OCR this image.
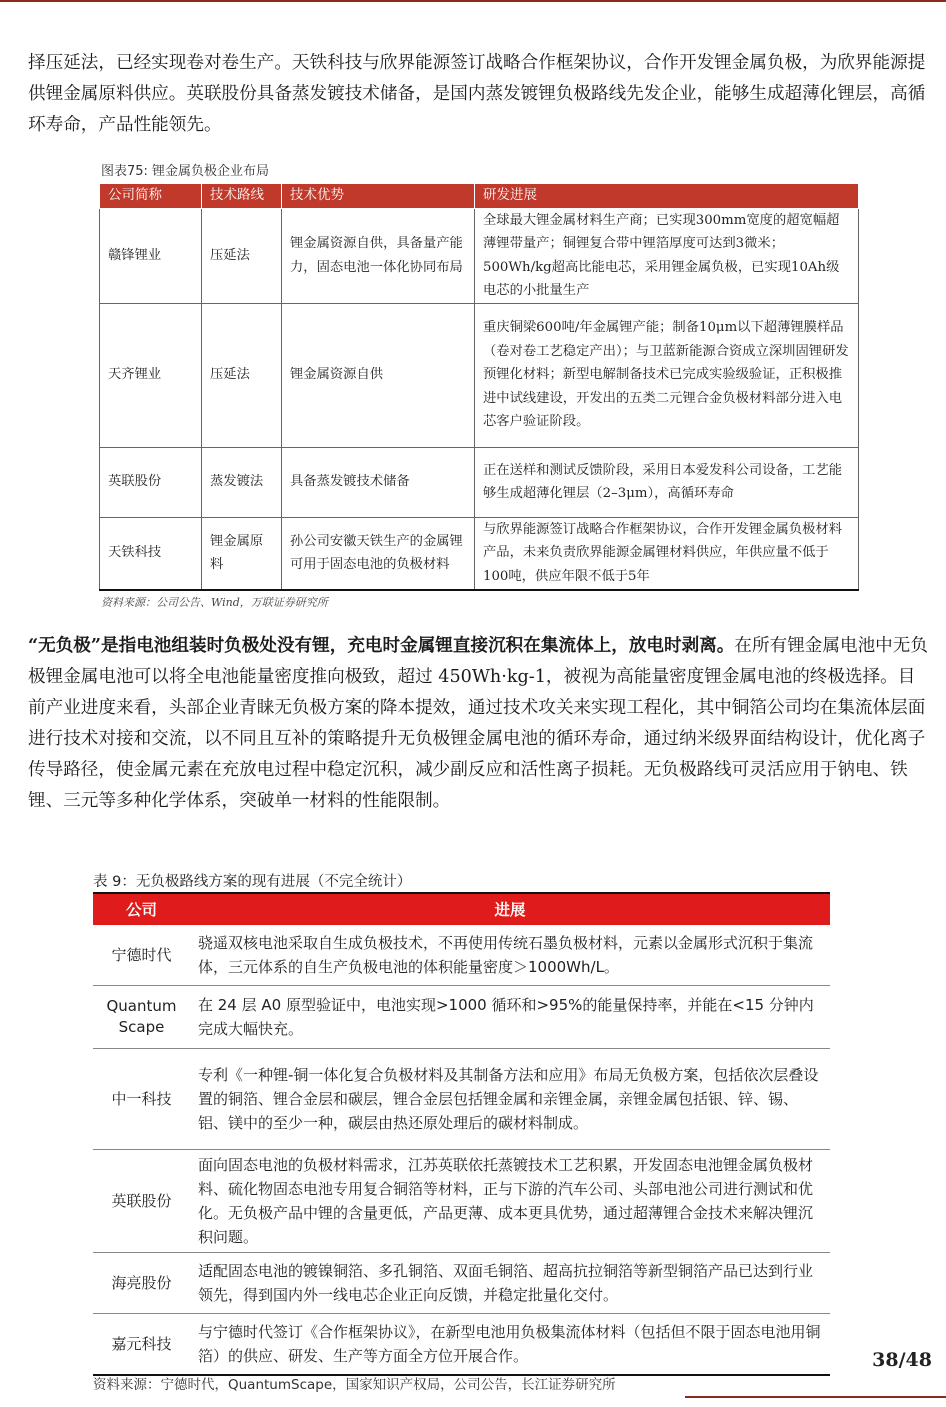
择压延法，已经实现卷对卷生产。天铁科技与欣界能源签订战略合作框架协议，合作开发锂金属负极，为欣界能源提供锂金属原料供应。英联股份具备蒸发镀技术储备，是国内蒸发镀锂负极路线先发企业，能够生成超薄化锂层，高循环寿命，产品性能领先。

图表75: 锂金属负极企业布局
公司简称	技术路线	技术优势	研发进展
赣锋锂业	压延法	锂金属资源自供，具备量产能力，固态电池一体化协同布局	全球最大锂金属材料生产商；已实现300mm宽度的超宽幅超薄锂带量产；铜锂复合带中锂箔厚度可达到3微米；500Wh/kg超高比能电芯，采用锂金属负极，已实现10Ah级电芯的小批量生产
天齐锂业	压延法	锂金属资源自供	重庆铜梁600吨/年金属锂产能；制备10μm以下超薄锂膜样品（卷对卷工艺稳定产出）；与卫蓝新能源合资成立深圳固锂研发预锂化材料；新型电解制备技术已完成实验级验证，正积极推进中试线建设，开发出的五类二元锂合金负极材料部分进入电芯客户验证阶段。
英联股份	蒸发镀法	具备蒸发镀技术储备	正在送样和测试反馈阶段，采用日本爱发科公司设备，工艺能够生成超薄化锂层（2–3μm），高循环寿命
天铁科技	锂金属原料	孙公司安徽天铁生产的金属锂可用于固态电池的负极材料	与欣界能源签订战略合作框架协议，合作开发锂金属负极材料产品，未来负责欣界能源金属锂材料供应，年供应量不低于100吨，供应年限不低于5年
资料来源：公司公告、Wind，万联证券研究所

“无负极”是指电池组装时负极处没有锂，充电时金属锂直接沉积在集流体上，放电时剥离。在所有锂金属电池中无负极锂金属电池可以将全电池能量密度推向极致，超过 450Wh·kg-1，被视为高能量密度锂金属电池的终极选择。目前产业进度来看，头部企业青睐无负极方案的降本提效，通过技术攻关来实现工程化，其中铜箔公司均在集流体层面进行技术对接和交流，以不同且互补的策略提升无负极锂金属电池的循环寿命，通过纳米级界面结构设计，优化离子传导路径，使金属元素在充放电过程中稳定沉积，减少副反应和活性离子损耗。无负极路线可灵活应用于钠电、铁锂、三元等多种化学体系，突破单一材料的性能限制。

表 9：无负极路线方案的现有进展（不完全统计）
公司	进展
宁德时代	骁遥双核电池采取自生成负极技术，不再使用传统石墨负极材料，元素以金属形式沉积于集流体，三元体系的自生产负极电池的体积能量密度＞1000Wh/L。
Quantum Scape	在 24 层 A0 原型验证中，电池实现>1000 循环和>95%的能量保持率，并能在<15 分钟内完成大幅快充。
中一科技	专利《一种锂-铜一体化复合负极材料及其制备方法和应用》布局无负极方案，包括依次层叠设置的铜箔、锂合金层和碳层，锂合金层包括锂金属和亲锂金属，亲锂金属包括银、锌、锡、铝、镁中的至少一种，碳层由热还原处理后的碳材料制成。
英联股份	面向固态电池的负极材料需求，江苏英联依托蒸镀技术工艺积累，开发固态电池锂金属负极材料、硫化物固态电池专用复合铜箔等材料，正与下游的汽车公司、头部电池公司进行测试和优化。无负极产品中锂的含量更低，产品更薄、成本更具优势，通过超薄锂合金技术来解决锂沉积问题。
海亮股份	适配固态电池的镀镍铜箔、多孔铜箔、双面毛铜箔、超高抗拉铜箔等新型铜箔产品已达到行业领先，得到国内外一线电芯企业正向反馈，并稳定批量化交付。
嘉元科技	与宁德时代签订《合作框架协议》，在新型电池用负极集流体材料（包括但不限于固态电池用铜箔）的供应、研发、生产等方面全方位开展合作。
资料来源：宁德时代，QuantumScape，国家知识产权局，公司公告，长江证券研究所
38/48
